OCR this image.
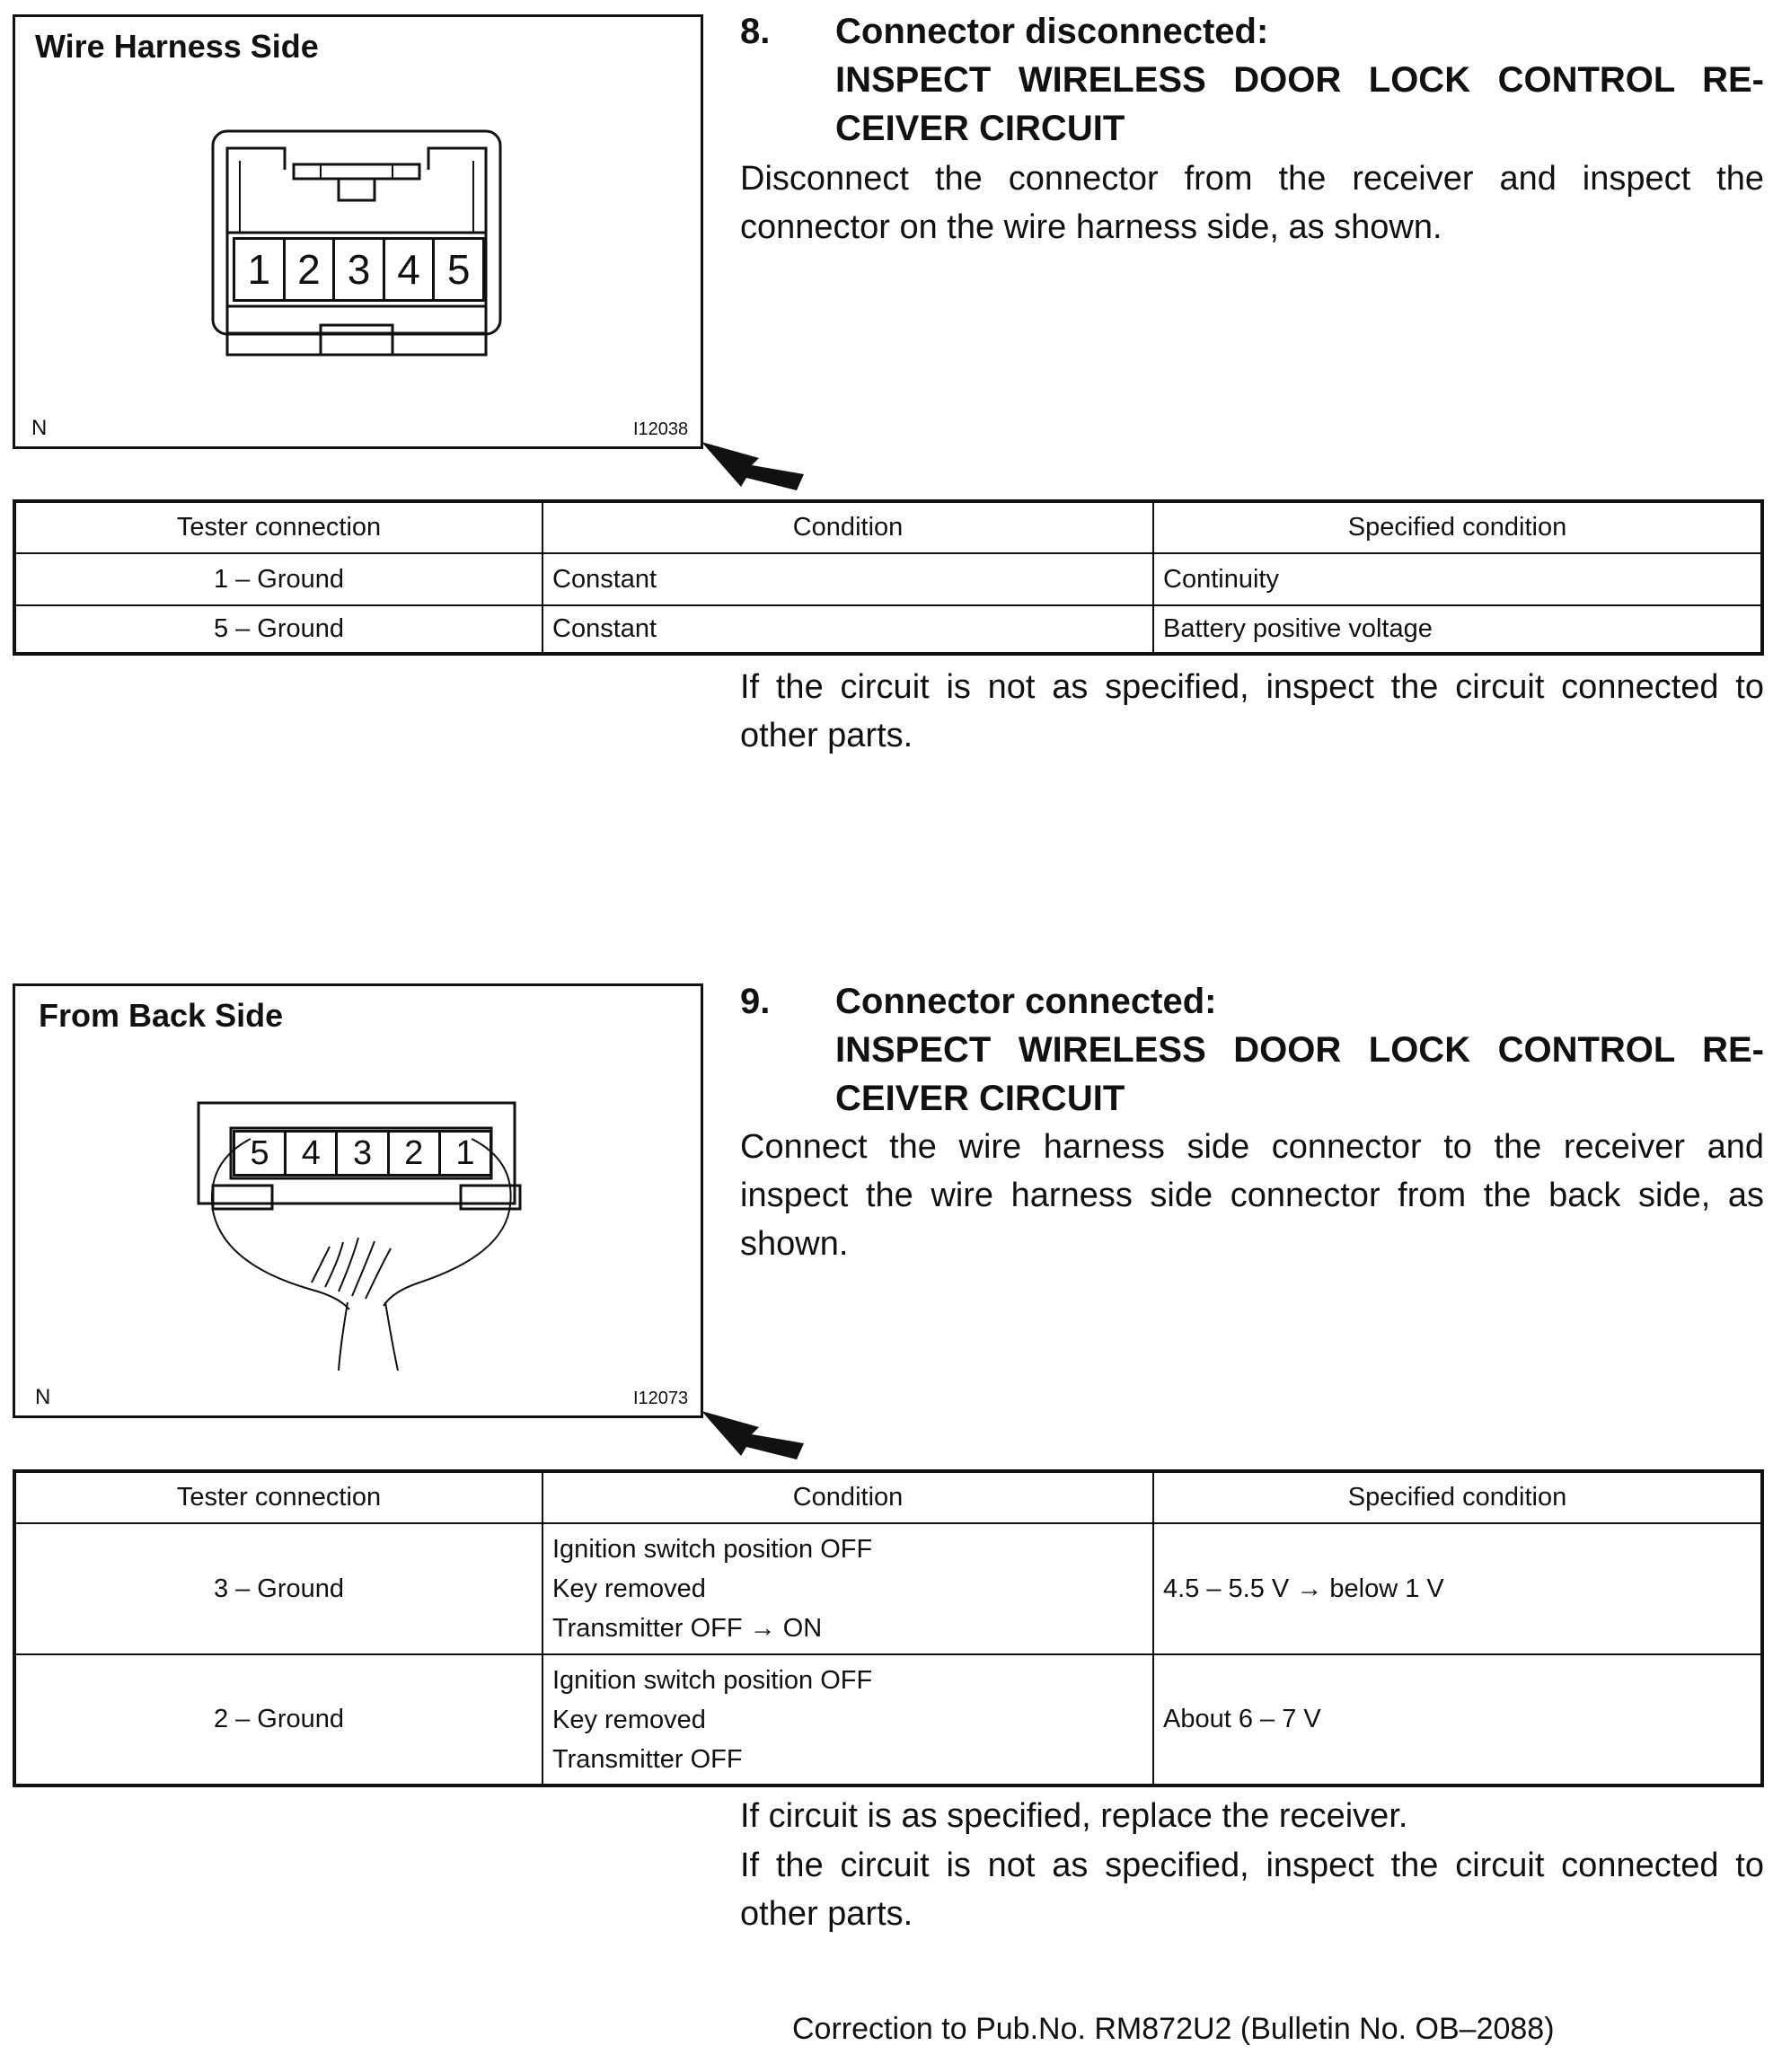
Wire Harness Side
1 2 3 4 5
N	I12038
8. Connector disconnected:
INSPECT WIRELESS DOOR LOCK CONTROL RE-
CEIVER CIRCUIT
Disconnect the connector from the receiver and inspect the connector on the wire harness side, as shown.
Tester connection	Condition	Specified condition
1 – Ground	Constant	Continuity
5 – Ground	Constant	Battery positive voltage
If the circuit is not as specified, inspect the circuit connected to other parts.
From Back Side
5 4 3 2 1
N	I12073
9. Connector connected:
INSPECT WIRELESS DOOR LOCK CONTROL RE-
CEIVER CIRCUIT
Connect the wire harness side connector to the receiver and inspect the wire harness side connector from the back side, as shown.
Tester connection	Condition	Specified condition
3 – Ground	Ignition switch position OFF
Key removed
Transmitter OFF → ON	4.5 – 5.5 V → below 1 V
2 – Ground	Ignition switch position OFF
Key removed
Transmitter OFF	About 6 – 7 V
If circuit is as specified, replace the receiver.
If the circuit is not as specified, inspect the circuit connected to other parts.
Correction to Pub.No. RM872U2 (Bulletin No. OB–2088)
